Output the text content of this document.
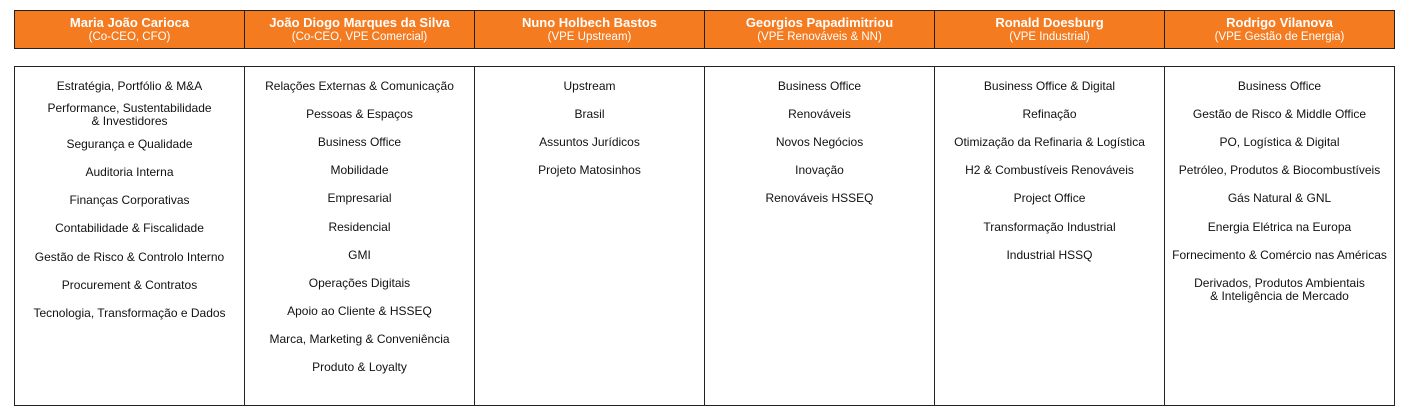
Maria João Carioca
(Co-CEO, CFO)
João Diogo Marques da Silva
(Co-CEO, VPE Comercial)
Nuno Holbech Bastos
(VPE Upstream)
Georgios Papadimitriou
(VPE Renováveis & NN)
Ronald Doesburg
(VPE Industrial)
Rodrigo Vilanova
(VPE Gestão de Energia)
Estratégia, Portfólio & M&A
Performance, Sustentabilidade
& Investidores
Segurança e Qualidade
Auditoria Interna
Finanças Corporativas
Contabilidade & Fiscalidade
Gestão de Risco & Controlo Interno
Procurement & Contratos
Tecnologia, Transformação e Dados
Relações Externas & Comunicação
Pessoas & Espaços
Business Office
Mobilidade
Empresarial
Residencial
GMI
Operações Digitais
Apoio ao Cliente & HSSEQ
Marca, Marketing & Conveniência
Produto & Loyalty
Upstream
Brasil
Assuntos Jurídicos
Projeto Matosinhos
Business Office
Renováveis
Novos Negócios
Inovação
Renováveis HSSEQ
Business Office & Digital
Refinação
Otimização da Refinaria & Logística
H2 & Combustíveis Renováveis
Project Office
Transformação Industrial
Industrial HSSQ
Business Office
Gestão de Risco & Middle Office
PO, Logística & Digital
Petróleo, Produtos & Biocombustíveis
Gás Natural & GNL
Energia Elétrica na Europa
Fornecimento & Comércio nas Américas
Derivados, Produtos Ambientais
& Inteligência de Mercado
